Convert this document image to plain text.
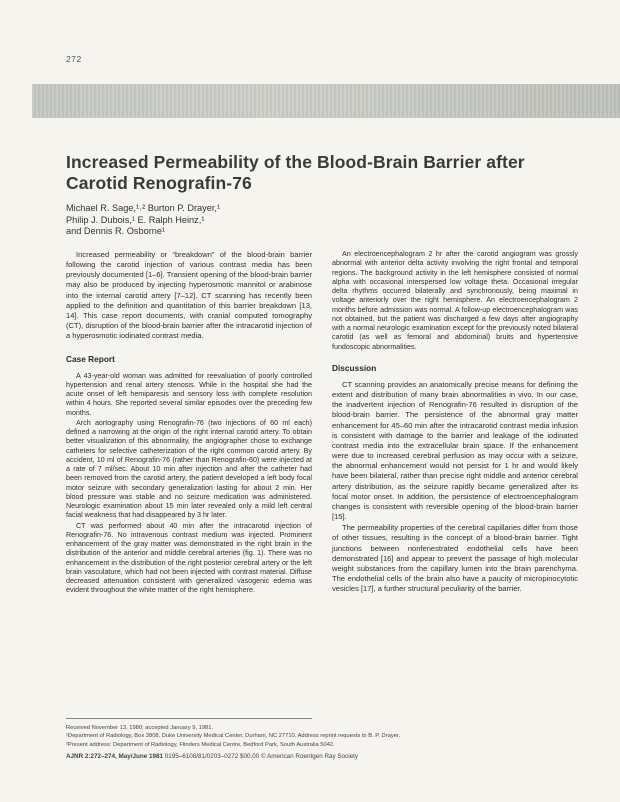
272
Increased Permeability of the Blood-Brain Barrier after Carotid Renografin-76
Michael R. Sage,¹˒² Burton P. Drayer,¹
Philip J. Dubois,¹ E. Ralph Heinz,¹
and Dennis R. Osborne¹

Increased permeability or “breakdown” of the blood-brain barrier following the carotid injection of various contrast media has been previously documented [1–6]. Transient opening of the blood-brain barrier may also be produced by injecting hyperosmotic mannitol or arabinose into the internal carotid artery [7–12]. CT scanning has recently been applied to the definition and quantitation of this barrier breakdown [13, 14]. This case report documents, with cranial computed tomography (CT), disruption of the blood-brain barrier after the intracarotid injection of a hyperosmotic iodinated contrast media.

Case Report

A 43-year-old woman was admitted for reevaluation of poorly controlled hypertension and renal artery stenosis. While in the hospital she had the acute onset of left hemiparesis and sensory loss with complete resolution within 4 hours. She reported several similar episodes over the preceding few months.

Arch aortography using Renografin-76 (two injections of 60 ml each) defined a narrowing at the origin of the right internal carotid artery. To obtain better visualization of this abnormality, the angiographer chose to exchange catheters for selective catheterization of the right common carotid artery. By accident, 10 ml of Renografin-76 (rather than Renografin-60) were injected at a rate of 7 ml/sec. About 10 min after injection and after the catheter had been removed from the carotid artery, the patient developed a left body focal motor seizure with secondary generalization lasting for about 2 min. Her blood pressure was stable and no seizure medication was administered. Neurologic examination about 15 min later revealed only a mild left central facial weakness that had disappeared by 3 hr later.

CT was performed about 40 min after the intracarotid injection of Renografin-76. No intravenous contrast medium was injected. Prominent enhancement of the gray matter was demonstrated in the right brain in the distribution of the anterior and middle cerebral arteries (fig. 1). There was no enhancement in the distribution of the right posterior cerebral artery or the left brain vasculature, which had not been injected with contrast material. Diffuse decreased attenuation consistent with generalized vasogenic edema was evident throughout the white matter of the right hemisphere.

An electroencephalogram 2 hr after the carotid angiogram was grossly abnormal with anterior delta activity involving the right frontal and temporal regions. The background activity in the left hemisphere consisted of normal alpha with occasional interspersed low voltage theta. Occasional irregular delta rhythms occurred bilaterally and synchronously, being maximal in voltage anteriorly over the right hemisphere. An electroencephalogram 2 months before admission was normal. A follow-up electroencephalogram was not obtained, but the patient was discharged a few days after angiography with a normal neurologic examination except for the previously noted bilateral carotid (as well as femoral and abdominal) bruits and hypertensive fundoscopic abnormalities.

Discussion

CT scanning provides an anatomically precise means for defining the extent and distribution of many brain abnormalities in vivo. In our case, the inadvertent injection of Renografin-76 resulted in disruption of the blood-brain barrier. The persistence of the abnormal gray matter enhancement for 45–60 min after the intracarotid contrast media infusion is consistent with damage to the barrier and leakage of the iodinated contrast media into the extracellular brain space. If the enhancement were due to increased cerebral perfusion as may occur with a seizure, the abnormal enhancement would not persist for 1 hr and would likely have been bilateral, rather than precise right middle and anterior cerebral artery distribution, as the seizure rapidly became generalized after its focal motor onset. In addition, the persistence of electroencephalogram changes is consistent with reversible opening of the blood-brain barrier [15].

The permeability properties of the cerebral capillaries differ from those of other tissues, resulting in the concept of a blood-brain barrier. Tight junctions between nonfenestrated endothelial cells have been demonstrated [16] and appear to prevent the passage of high molecular weight substances from the capillary lumen into the brain parenchyma. The endothelial cells of the brain also have a paucity of micropinocytotic vesicles [17], a further structural peculiarity of the barrier.

Received November 13, 1980; accepted January 9, 1981.
¹Department of Radiology, Box 3808, Duke University Medical Center, Durham, NC 27710. Address reprint requests to B. P. Drayer.
²Present address: Department of Radiology, Flinders Medical Centre, Bedford Park, South Australia 5042.
AJNR 2:272–274, May/June 1981 0195–6108/81/0203–0272 $00.00 © American Roentgen Ray Society
